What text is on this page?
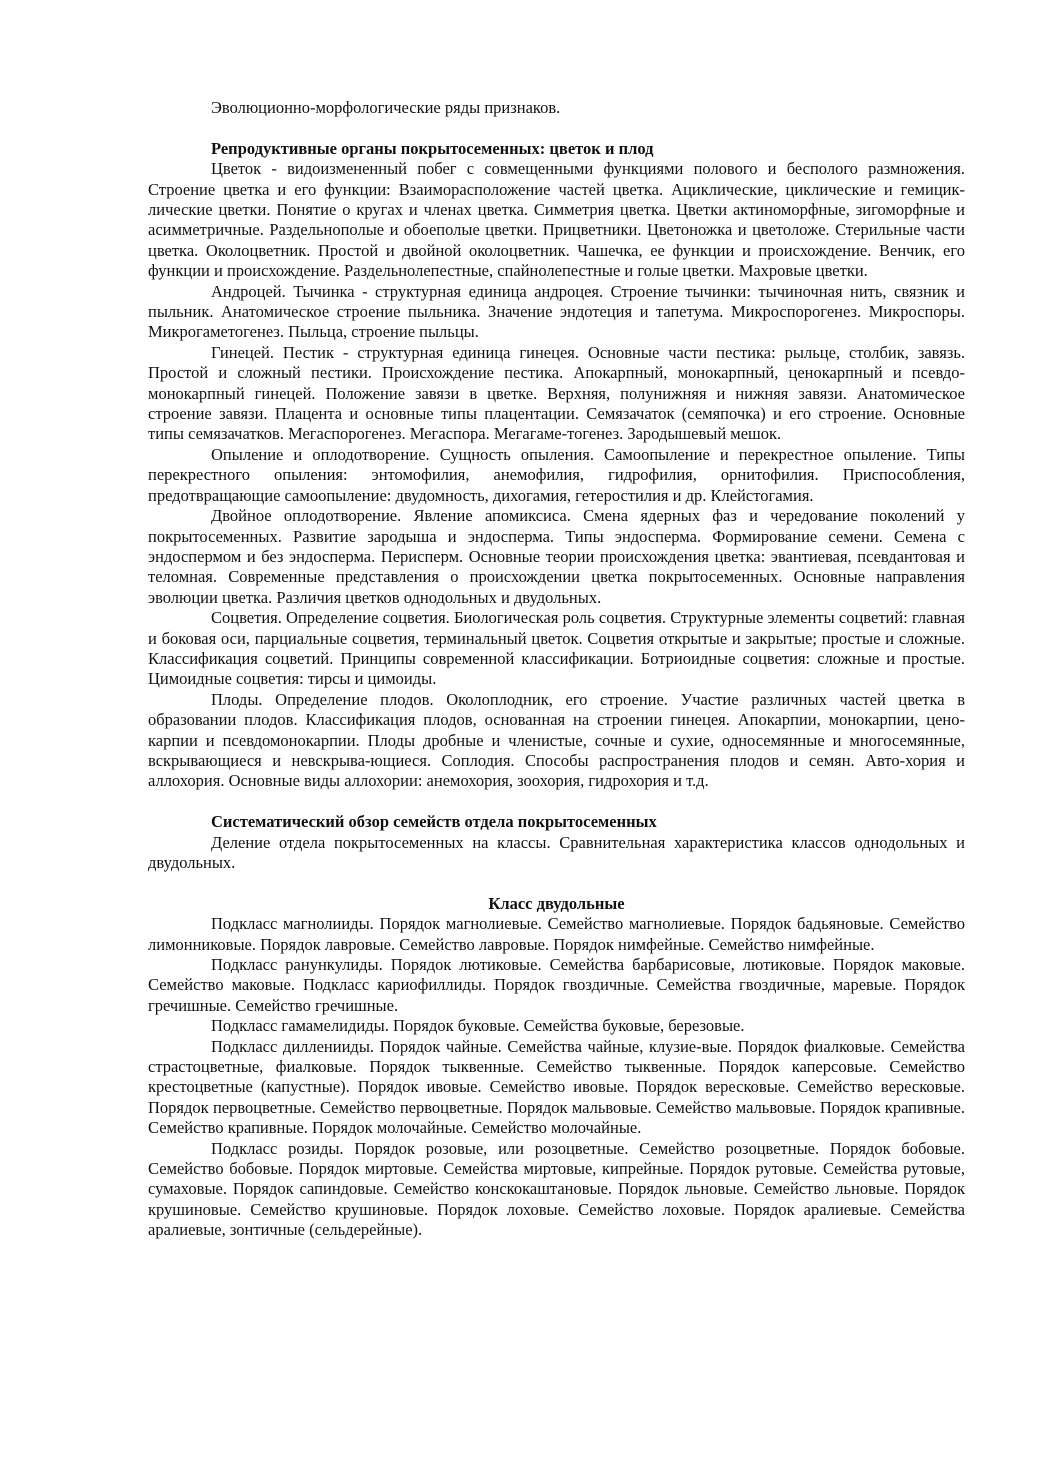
Эволюционно-морфологические ряды признаков.

Репродуктивные органы покрытосеменных: цветок и плод

Цветок - видоизмененный побег с совмещенными функциями полового и бесполого размножения. Строение цветка и его функции: Взаиморасположение частей цветка. Ациклические, циклические и гемицик-лические цветки. Понятие о кругах и членах цветка. Симметрия цветка. Цветки актиноморфные, зигоморфные и асимметричные. Раздельнополые и обоеполые цветки. Прицветники. Цветоножка и цветоложе. Стерильные части цветка. Околоцветник. Простой и двойной околоцветник. Чашечка, ее функции и происхождение. Венчик, его функции и происхождение. Раздельнолепестные, спайнолепестные и голые цветки. Махровые цветки.

Андроцей. Тычинка - структурная единица андроцея. Строение тычинки: тычиночная нить, связник и пыльник. Анатомическое строение пыльника. Значение эндотеция и тапетума. Микроспорогенез. Микроспоры. Микрогаметогенез. Пыльца, строение пыльцы.

Гинецей. Пестик - структурная единица гинецея. Основные части пестика: рыльце, столбик, завязь. Простой и сложный пестики. Происхождение пестика. Апокарпный, монокарпный, ценокарпный и псевдо-монокарпный гинецей. Положение завязи в цветке. Верхняя, полунижняя и нижняя завязи. Анатомическое строение завязи. Плацента и основные типы плацентации. Семязачаток (семяпочка) и его строение. Основные типы семязачатков. Мегаспорогенез. Мегаспора. Мегагаме-тогенез. Зародышевый мешок.

Опыление и оплодотворение. Сущность опыления. Самоопыление и перекрестное опыление. Типы перекрестного опыления: энтомофилия, анемофилия, гидрофилия, орнитофилия. Приспособления, предотвращающие самоопыление: двудомность, дихогамия, гетеростилия и др. Клейстогамия.

Двойное оплодотворение. Явление апомиксиса. Смена ядерных фаз и чередование поколений у покрытосеменных. Развитие зародыша и эндосперма. Типы эндосперма. Формирование семени. Семена с эндоспермом и без эндосперма. Перисперм. Основные теории происхождения цветка: эвантиевая, псевдантовая и теломная. Современные представления о происхождении цветка покрытосеменных. Основные направления эволюции цветка. Различия цветков однодольных и двудольных.

Соцветия. Определение соцветия. Биологическая роль соцветия. Структурные элементы соцветий: главная и боковая оси, парциальные соцветия, терминальный цветок. Соцветия открытые и закрытые; простые и сложные. Классификация соцветий. Принципы современной классификации. Ботриоидные соцветия: сложные и простые. Цимоидные соцветия: тирсы и цимоиды.

Плоды. Определение плодов. Околоплодник, его строение. Участие различных частей цветка в образовании плодов. Классификация плодов, основанная на строении гинецея. Апокарпии, монокарпии, цено-карпии и псевдомонокарпии. Плоды дробные и членистые, сочные и сухие, односемянные и многосемянные, вскрывающиеся и невскрыва-ющиеся. Соплодия. Способы распространения плодов и семян. Авто-хория и аллохория. Основные виды аллохории: анемохория, зоохория, гидрохория и т.д.

Систематический обзор семейств отдела покрытосеменных

Деление отдела покрытосеменных на классы. Сравнительная характеристика классов однодольных и двудольных.

Класс двудольные

Подкласс магнолииды. Порядок магнолиевые. Семейство магнолиевые. Порядок бадьяновые. Семейство лимонниковые. Порядок лавровые. Семейство лавровые. Порядок нимфейные. Семейство нимфейные.

Подкласс ранункулиды. Порядок лютиковые. Семейства барбарисовые, лютиковые. Порядок маковые. Семейство маковые. Подкласс кариофиллиды. Порядок гвоздичные. Семейства гвоздичные, маревые. Порядок гречишные. Семейство гречишные.

Подкласс гамамелидиды. Порядок буковые. Семейства буковые, березовые.

Подкласс дилленииды. Порядок чайные. Семейства чайные, клузие-вые. Порядок фиалковые. Семейства страстоцветные, фиалковые. Порядок тыквенные. Семейство тыквенные. Порядок каперсовые. Семейство крестоцветные (капустные). Порядок ивовые. Семейство ивовые. Порядок вересковые. Семейство вересковые. Порядок первоцветные. Семейство первоцветные. Порядок мальвовые. Семейство мальвовые. Порядок крапивные. Семейство крапивные. Порядок молочайные. Семейство молочайные.

Подкласс розиды. Порядок розовые, или розоцветные. Семейство розоцветные. Порядок бобовые. Семейство бобовые. Порядок миртовые. Семейства миртовые, кипрейные. Порядок рутовые. Семейства рутовые, сумаховые. Порядок сапиндовые. Семейство конскокаштановые. Порядок льновые. Семейство льновые. Порядок крушиновые. Семейство крушиновые. Порядок лоховые. Семейство лоховые. Порядок аралиевые. Семейства аралиевые, зонтичные (сельдерейные).
